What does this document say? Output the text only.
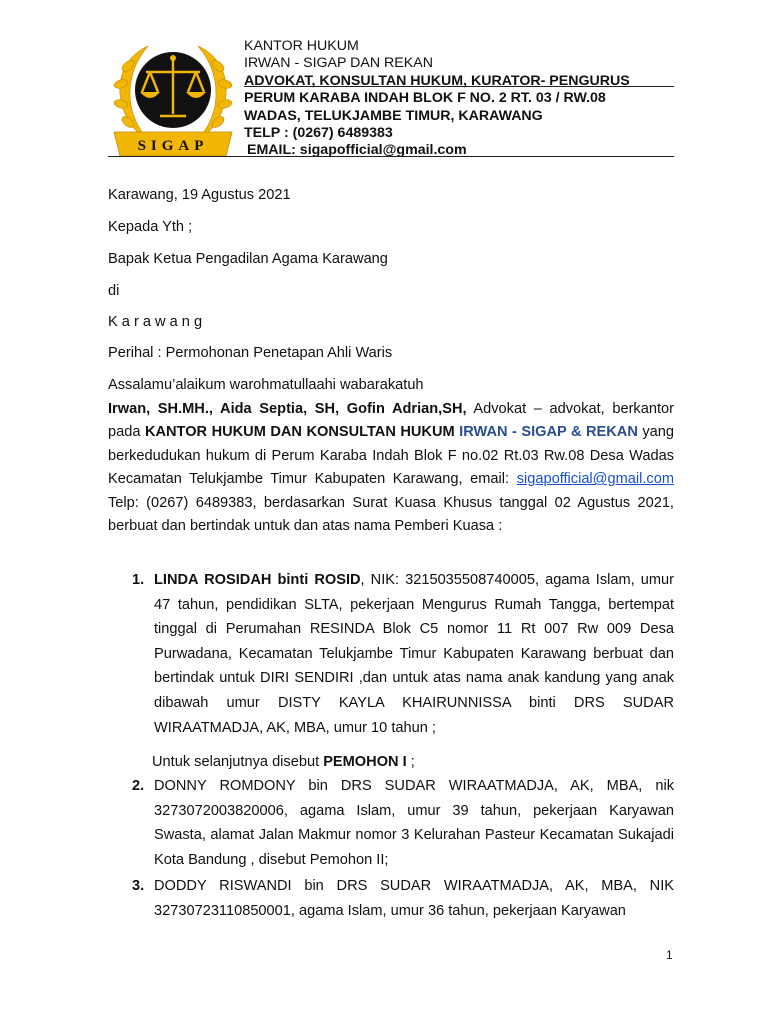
SIGAP
KANTOR HUKUM
IRWAN - SIGAP DAN REKAN
ADVOKAT, KONSULTAN HUKUM, KURATOR- PENGURUS
PERUM KARABA INDAH BLOK F NO. 2 RT. 03 / RW.08
WADAS, TELUKJAMBE TIMUR, KARAWANG
TELP : (0267) 6489383
EMAIL: sigapofficial@gmail.com
Karawang, 19 Agustus 2021
Kepada Yth ;
Bapak Ketua Pengadilan Agama Karawang
di
K a r a w a n g
Perihal : Permohonan Penetapan Ahli Waris
Assalamu’alaikum warohmatullaahi wabarakatuh
Irwan, SH.MH., Aida Septia, SH, Gofin Adrian,SH, Advokat – advokat, berkantor pada KANTOR HUKUM DAN KONSULTAN HUKUM IRWAN - SIGAP & REKAN yang berkedudukan hukum di Perum Karaba Indah Blok F no.02 Rt.03 Rw.08 Desa Wadas Kecamatan Telukjambe Timur Kabupaten Karawang, email: sigapofficial@gmail.com Telp: (0267) 6489383, berdasarkan Surat Kuasa Khusus tanggal 02 Agustus 2021, berbuat dan bertindak untuk dan atas nama Pemberi Kuasa :
1. LINDA ROSIDAH binti ROSID, NIK: 3215035508740005, agama Islam, umur 47 tahun, pendidikan SLTA, pekerjaan Mengurus Rumah Tangga, bertempat tinggal di Perumahan RESINDA Blok C5 nomor 11 Rt 007 Rw 009 Desa Purwadana, Kecamatan Telukjambe Timur Kabupaten Karawang berbuat dan bertindak untuk DIRI SENDIRI ,dan untuk atas nama anak kandung yang anak dibawah umur DISTY KAYLA KHAIRUNNISSA binti DRS SUDAR WIRAATMADJA, AK, MBA, umur 10 tahun ;
Untuk selanjutnya disebut PEMOHON I ;
2. DONNY ROMDONY bin DRS SUDAR WIRAATMADJA, AK, MBA, nik 3273072003820006, agama Islam, umur 39 tahun, pekerjaan Karyawan Swasta, alamat Jalan Makmur nomor 3 Kelurahan Pasteur Kecamatan Sukajadi Kota Bandung , disebut Pemohon II;
3. DODDY RISWANDI bin DRS SUDAR WIRAATMADJA, AK, MBA, NIK 32730723110850001, agama Islam, umur 36 tahun, pekerjaan Karyawan
1
